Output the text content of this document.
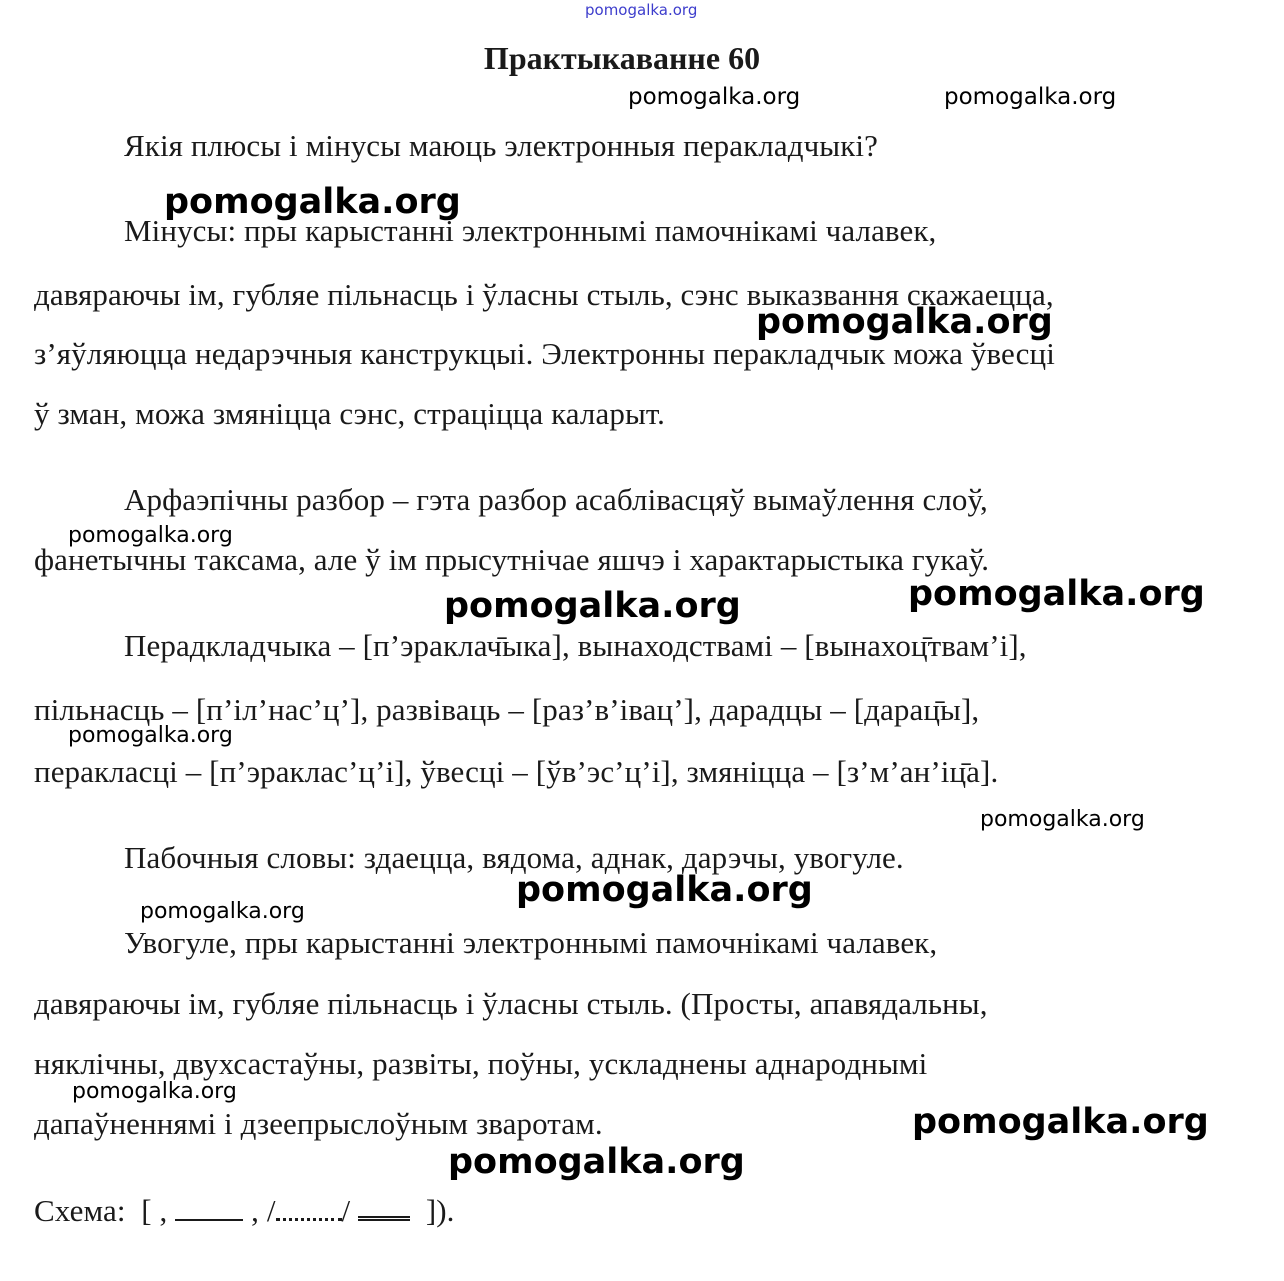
pomogalka.org
Практыкаванне 60
Якія плюсы і мінусы маюць электронныя перакладчыкі?
Мінусы: пры карыстанні электроннымі памочнікамі чалавек,
давяраючы ім, губляе пільнасць і ўласны стыль, сэнс выказвання скажаецца,
з’яўляюцца недарэчныя канструкцыі. Электронны перакладчык можа ўвесці
ў зман, можа змяніцца сэнс, страціцца каларыт.
Арфаэпічны разбор – гэта разбор асаблівасцяў вымаўлення слоў,
фанетычны таксама, але ў ім прысутнічае яшчэ і характарыстыка гукаў.
Перадкладчыка – [п’эраклач̄ыка], вынаходствамі – [вынахоц̄твам’і],
пільнасць – [п’іл’нас’ц’], развіваць – [раз’в’івац’], дарадцы – [дарац̄ы],
перакласці – [п’эраклас’ц’і], ўвесці – [ўв’эс’ц’і], змяніцца – [з’м’ан’іц̄а].
Пабочныя словы: здаецца, вядома, аднак, дарэчы, увогуле.
Увогуле, пры карыстанні электроннымі памочнікамі чалавек,
давяраючы ім, губляе пільнасць і ўласны стыль. (Просты, апавядальны,
няклічны, двухсастаўны, развіты, поўны, ускладнены аднароднымі
дапаўненнямі і дзеепрыслоўным зваротам.
Схема: [ ,	, / / ]).
pomogalka.org	pomogalka.org
pomogalka.org
pomogalka.org
pomogalka.org
pomogalka.org
pomogalka.org
pomogalka.org
pomogalka.org
pomogalka.org
pomogalka.org
pomogalka.org
pomogalka.org
pomogalka.org
